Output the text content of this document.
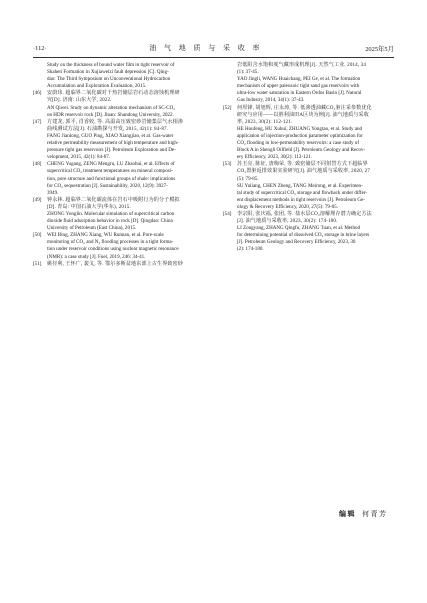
·112·	油 气 地 质 与 采 收 率	2025年5月
Study on the thickness of bound water film in tight reservoir of
Shaheti Formation in Xujiaweizi fault depression [C]. Qing-
dao: The Third Symposium on Unconventional Hydrocarbon
Accumulation and Exploration Evaluation, 2015.
[46] 安蔚玮. 超临界二氧化碳对千热岩储层岩石动态溶蚀机理研
究[D]. 济南: 山东大学, 2022.
AN Qiwei. Study on dynamic alteration mechanism of SC-CO₂
on HDR reservoir rock [D]. Jinan: Shandong University, 2022.
[47] 方建龙, 郭平, 肖香姣, 等. 高温高压致密砂岩储集层气水相渗
曲线测试方法[J]. 石油勘探与开发, 2015, 42(1): 84-87.
FANG Jianlong, GUO Ping, XIAO Xiangjiao, et al. Gas-water
relative permeability measurement of high temperature and high-
pressure tight gas reservoirs [J]. Petroleum Exploration and De-
velopment, 2015, 42(1): 84-87.
[48] CHENG Yugang, ZENG Mengru, LU Zhaohui, et al. Effects of
supercritical CO₂ treatment temperatures on mineral composi-
tion, pore structure and functional groups of shale: implications
for CO₂ sequestration [J]. Sustainability, 2020, 12(9): 3927-
3949.
[49] 钟永林. 超临界二氧化碳流体在岩石中吸附行为的分子模拟
[D]. 青岛: 中国石油大学(华东), 2015.
ZHONG Yonglin. Molecular simulation of supercritical carbon
dioxide fluid adsorption behavior in rock [D]. Qingdao: China
University of Petroleum (East China), 2015.
[50] WEI Bing, ZHANG Xiang, WU Runnan, et al. Pore-scale
monitoring of CO₂ and N₂ flooding processes in a tight forma-
tion under reservoir conditions using nuclear magnetic resonance
(NMR): a case study [J]. Fuel, 2019, 246: 34-41.
[51] 姚径利, 王怀广, 裴戈, 等. 鄂尔多斯盆地东部上古生界致密砂
岩低阻含水饱和度气藏形成机理[J]. 天然气工业, 2014, 34
(1): 37-45.
YAO Jingli, WANG Huaichang, PEI Ge, et al. The formation
mechanism of upper paleozoic tight sand gas reservoirs with
ultra-low water saturation in Eastern Ordos Basin [J]. Natural
Gas Industry, 2014, 34(1): 37-43.
[52] 何厚锋, 胡旭辉, 庄永涛, 等. 低渗透油藏CO₂驱注采参数优化
研究与应用——以胜利油田A区块为例[J]. 油气地质与采收
率, 2023, 30(2): 112-121.
HE Houfeng, HU Xuhui, ZHUANG Yongtao, et al. Study and
application of injection-production parameter optimization for
CO₂ flooding in low-permeability reservoirs: a case study of
Block A in Shengli Oilfield [J]. Petroleum Geology and Recov-
ery Efficiency, 2023, 30(2): 112-121.
[53] 苏玉亮, 陈征, 唐梅荣, 等. 致密储层不同射替方式下超临界
CO₂置驱返排效果实验研究[J]. 油气地质与采收率, 2020, 27
(5): 79-85.
SU Yuliang, CHEN Zheng, TANG Meirong, et al. Experimen-
tal study of supercritical CO₂ storage and flowback under differ-
ent displacement methods in tight reservoirs [J]. Petroleum Ge-
ology & Recovery Efficiency, 2020, 27(5): 79-85.
[54] 李宗阳, 张庆福, 张团, 等. 盐水层CO₂溶解埋存潜力确定方法
[J]. 油气地质与采收率, 2023, 30(2): 174-180.
LI Zongyang, ZHANG Qingfu, ZHANG Tuan, et al. Method
for determining potential of dissolved CO₂ storage in brine layers
[J]. Petroleum Geology and Recovery Efficiency, 2023, 30
(2): 174-180.
编辑 何青芳
